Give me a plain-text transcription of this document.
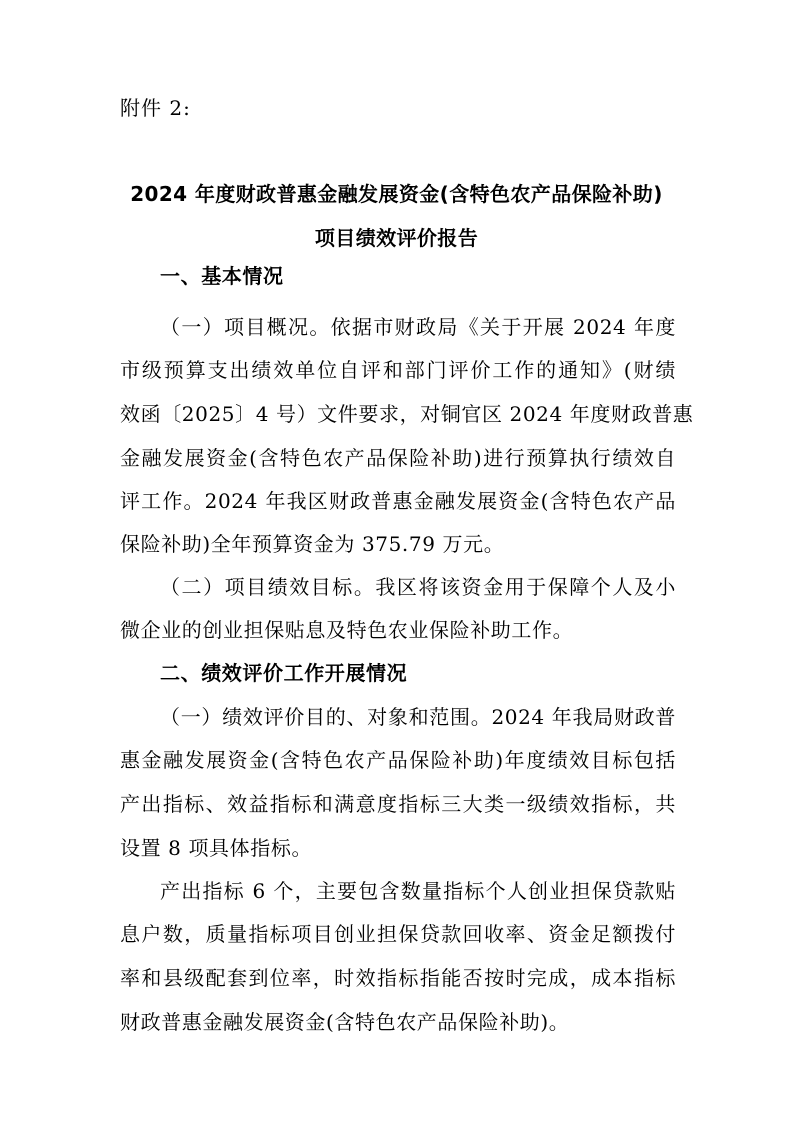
附件 2:
2024 年度财政普惠金融发展资金(含特色农产品保险补助)
项目绩效评价报告
一、基本情况
（一）项目概况。依据市财政局《关于开展 2024 年度
市级预算支出绩效单位自评和部门评价工作的通知》(财绩
效函〔2025〕4 号）文件要求，对铜官区 2024 年度财政普惠
金融发展资金(含特色农产品保险补助)进行预算执行绩效自
评工作。2024 年我区财政普惠金融发展资金(含特色农产品
保险补助)全年预算资金为 375.79 万元。
（二）项目绩效目标。我区将该资金用于保障个人及小
微企业的创业担保贴息及特色农业保险补助工作。
二、绩效评价工作开展情况
（一）绩效评价目的、对象和范围。2024 年我局财政普
惠金融发展资金(含特色农产品保险补助)年度绩效目标包括
产出指标、效益指标和满意度指标三大类一级绩效指标，共
设置 8 项具体指标。
产出指标 6 个，主要包含数量指标个人创业担保贷款贴
息户数，质量指标项目创业担保贷款回收率、资金足额拨付
率和县级配套到位率，时效指标指能否按时完成，成本指标
财政普惠金融发展资金(含特色农产品保险补助)。
